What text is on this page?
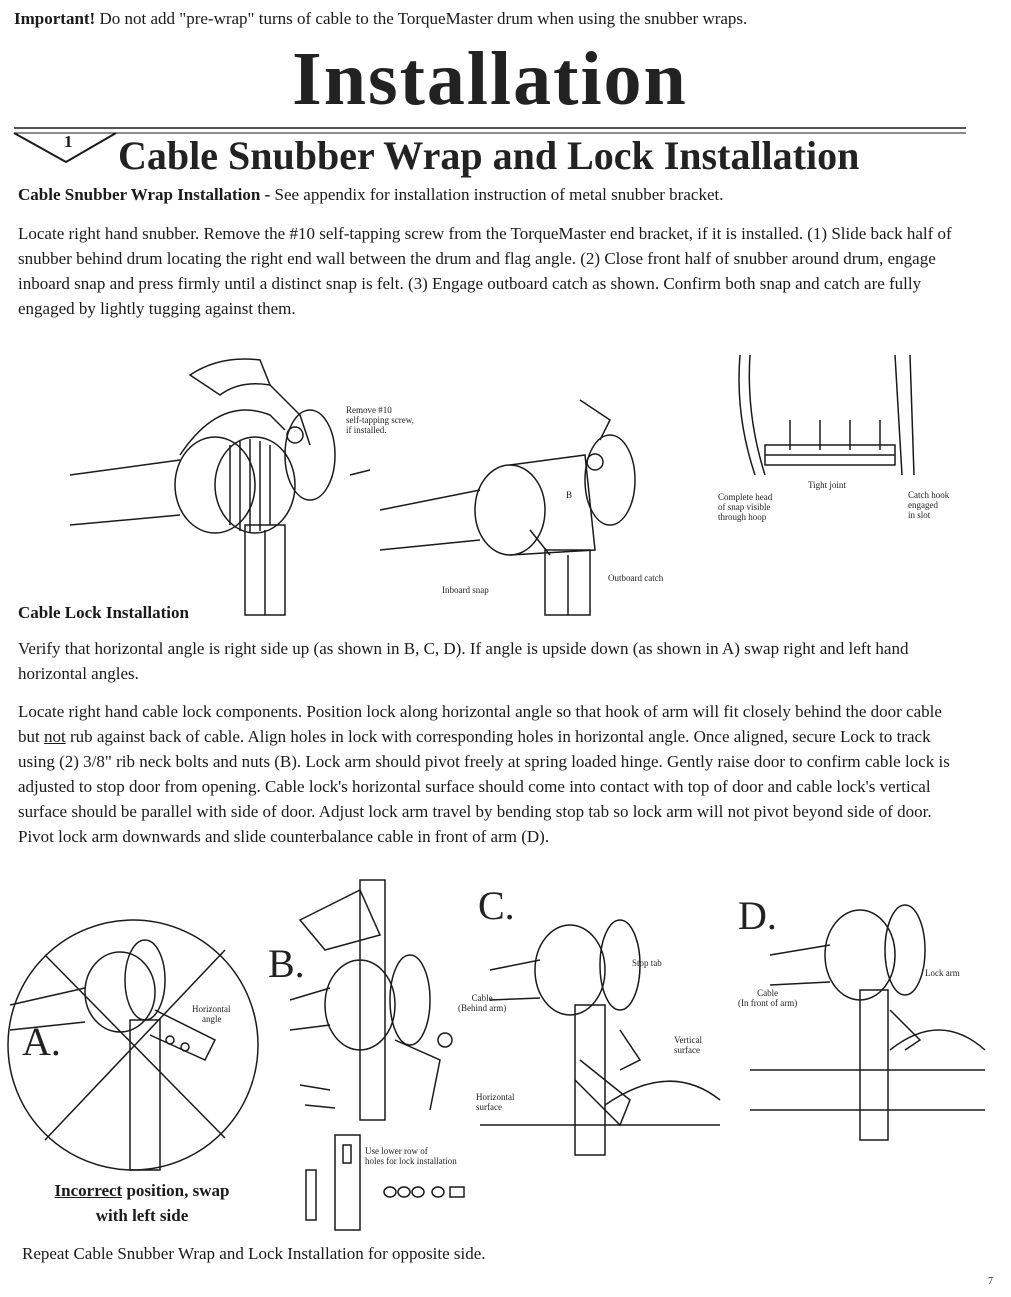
Important! Do not add "pre-wrap" turns of cable to the TorqueMaster drum when using the snubber wraps.
Installation
1 Cable Snubber Wrap and Lock Installation
Cable Snubber Wrap Installation - See appendix for installation instruction of metal snubber bracket.
Locate right hand snubber. Remove the #10 self-tapping screw from the TorqueMaster end bracket, if it is installed. (1) Slide back half of snubber behind drum locating the right end wall between the drum and flag angle. (2) Close front half of snubber around drum, engage inboard snap and press firmly until a distinct snap is felt. (3) Engage outboard catch as shown. Confirm both snap and catch are fully engaged by lightly tugging against them.
Remove #10
self-tapping screw,
if installed.
B
Inboard snap
Outboard catch
Tight joint
Complete head
of snap visible
through hoop
Catch hook
engaged
in slot
Cable Lock Installation
Verify that horizontal angle is right side up (as shown in B, C, D). If angle is upside down (as shown in A) swap right and left hand horizontal angles.
Locate right hand cable lock components. Position lock along horizontal angle so that hook of arm will fit closely behind the door cable but not rub against back of cable. Align holes in lock with corresponding holes in horizontal angle. Once aligned, secure Lock to track using (2) 3/8" rib neck bolts and nuts (B). Lock arm should pivot freely at spring loaded hinge. Gently raise door to confirm cable lock is adjusted to stop door from opening. Cable lock's horizontal surface should come into contact with top of door and cable lock's vertical surface should be parallel with side of door. Adjust lock arm travel by bending stop tab so lock arm will not pivot beyond side of door. Pivot lock arm downwards and slide counterbalance cable in front of arm (D).
Horizontal
angle
A.
Incorrect position, swap
with left side
B.
Use lower row of
holes for lock installation
C.
Stop tab
Cable
(Behind arm)
Vertical
surface
Horizontal
surface
D.
Lock arm
Cable
(In front of arm)
Repeat Cable Snubber Wrap and Lock Installation for opposite side.
7
